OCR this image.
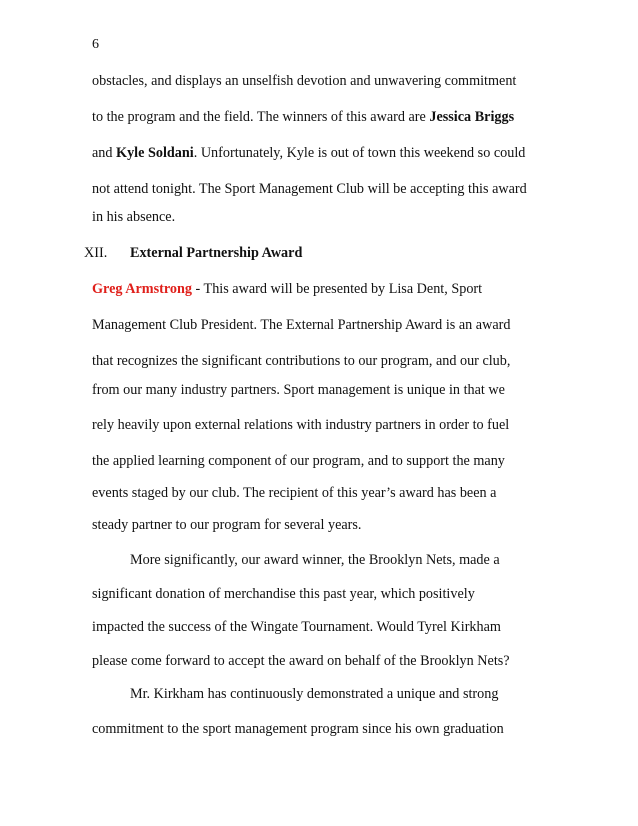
6
obstacles, and displays an unselfish devotion and unwavering commitment
to the program and the field. The winners of this award are Jessica Briggs
and Kyle Soldani. Unfortunately, Kyle is out of town this weekend so could
not attend tonight. The Sport Management Club will be accepting this award
in his absence.
XII. External Partnership Award
Greg Armstrong - This award will be presented by Lisa Dent, Sport
Management Club President. The External Partnership Award is an award
that recognizes the significant contributions to our program, and our club,
from our many industry partners. Sport management is unique in that we
rely heavily upon external relations with industry partners in order to fuel
the applied learning component of our program, and to support the many
events staged by our club. The recipient of this year’s award has been a
steady partner to our program for several years.
More significantly, our award winner, the Brooklyn Nets, made a
significant donation of merchandise this past year, which positively
impacted the success of the Wingate Tournament. Would Tyrel Kirkham
please come forward to accept the award on behalf of the Brooklyn Nets?
Mr. Kirkham has continuously demonstrated a unique and strong
commitment to the sport management program since his own graduation
